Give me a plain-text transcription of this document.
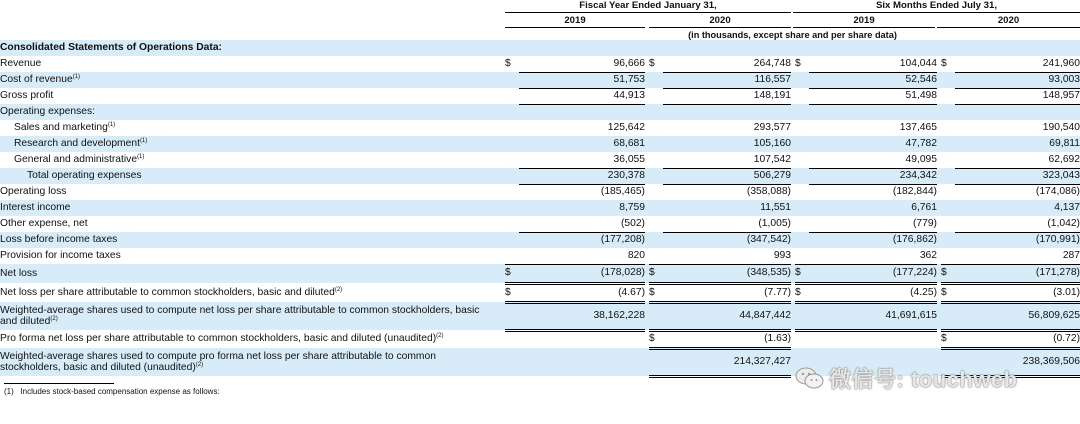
Fiscal Year Ended January 31,	Six Months Ended July 31,
2019	2020	2019	2020
(in thousands, except share and per share data)
Consolidated Statements of Operations Data:											
Revenue	$	96,666		$	264,748		$	104,044		$	241,960
Cost of revenue$^{(1)}$		51,753			116,557			52,546			93,003
Gross profit		44,913			148,191			51,498			148,957
Operating expenses:											
Sales and marketing$^{(1)}$		125,642			293,577			137,465			190,540
Research and development$^{(1)}$		68,681			105,160			47,782			69,811
General and administrative$^{(1)}$		36,055			107,542			49,095			62,692
Total operating expenses		230,378			506,279			234,342			323,043
Operating loss		(185,465)			(358,088)			(182,844)			(174,086)
Interest income		8,759			11,551			6,761			4,137
Other expense, net		(502)			(1,005)			(779)			(1,042)
Loss before income taxes		(177,208)			(347,542)			(176,862)			(170,991)
Provision for income taxes		820			993			362			287
Net loss	$	(178,028)		$	(348,535)		$	(177,224)		$	(171,278)
Net loss per share attributable to common stockholders, basic and diluted$^{(2)}$	$	(4.67)		$	(7.77)		$	(4.25)		$	(3.01)
Weighted-average shares used to compute net loss per share attributable to common stockholders, basic and diluted$^{(2)}$		38,162,228			44,847,442			41,691,615			56,809,625
Pro forma net loss per share attributable to common stockholders, basic and diluted (unaudited)$^{(2)}$				$	(1.63)					$	(0.72)
Weighted-average shares used to compute pro forma net loss per share attributable to common stockholders, basic and diluted (unaudited)$^{(2)}$					214,327,427						238,369,506
(1)   Includes stock-based compensation expense as follows:	微信号: touchweb
